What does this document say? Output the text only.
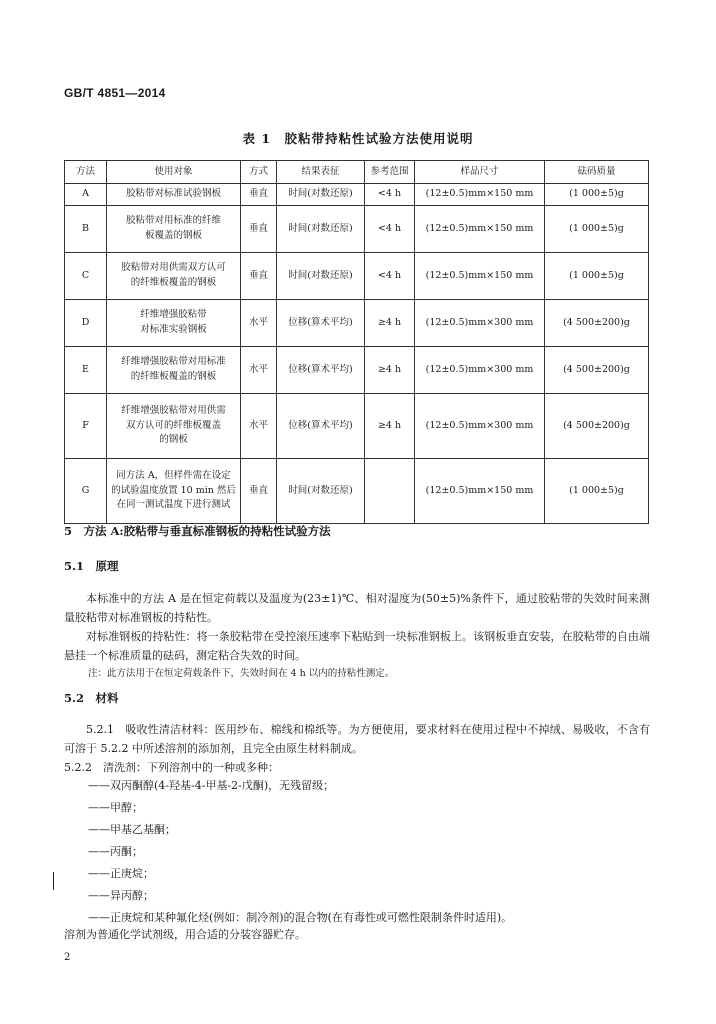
GB/T 4851—2014
表 1　胶粘带持粘性试验方法使用说明
方法	使用对象	方式	结果表征	参考范围	样品尺寸	砝码质量
A	胶粘带对标准试验钢板	垂直	时间(对数还原)	<4 h	(12±0.5)mm×150 mm	(1 000±5)g
B	胶粘带对用标准的纤维
板覆盖的钢板	垂直	时间(对数还原)	<4 h	(12±0.5)mm×150 mm	(1 000±5)g
C	胶粘带对用供需双方认可
的纤维板覆盖的钢板	垂直	时间(对数还原)	<4 h	(12±0.5)mm×150 mm	(1 000±5)g
D	纤维增强胶粘带
对标准实验钢板	水平	位移(算术平均)	≥4 h	(12±0.5)mm×300 mm	(4 500±200)g
E	纤维增强胶粘带对用标准
的纤维板覆盖的钢板	水平	位移(算术平均)	≥4 h	(12±0.5)mm×300 mm	(4 500±200)g
F	纤维增强胶粘带对用供需
双方认可的纤维板覆盖
的钢板	水平	位移(算术平均)	≥4 h	(12±0.5)mm×300 mm	(4 500±200)g
G	同方法 A，但样件需在设定
的试验温度放置 10 min 然后
在同一测试温度下进行测试	垂直	时间(对数还原)		(12±0.5)mm×150 mm	(1 000±5)g
5　方法 A:胶粘带与垂直标准钢板的持粘性试验方法
5.1　原理
本标准中的方法 A 是在恒定荷载以及温度为(23±1)℃、相对湿度为(50±5)%条件下，通过胶粘带的失效时间来测量胶粘带对标准钢板的持粘性。
对标准钢板的持粘性：将一条胶粘带在受控滚压速率下粘贴到一块标准钢板上。该钢板垂直安装，在胶粘带的自由端悬挂一个标准质量的砝码，测定粘合失效的时间。
注：此方法用于在恒定荷载条件下，失效时间在 4 h 以内的持粘性测定。
5.2　材料
5.2.1　吸收性清洁材料：医用纱布、棉线和棉纸等。为方便使用，要求材料在使用过程中不掉绒、易吸收，不含有可溶于 5.2.2 中所述溶剂的添加剂，且完全由原生材料制成。
5.2.2　清洗剂：下列溶剂中的一种或多种：
——双丙酮醇(4-羟基-4-甲基-2-戊酮)，无残留级；
——甲醇；
——甲基乙基酮；
——丙酮；
——正庚烷；
——异丙醇；
——正庚烷和某种氟化烃(例如：制冷剂)的混合物(在有毒性或可燃性限制条件时适用)。
溶剂为普通化学试剂级，用合适的分装容器贮存。
2
